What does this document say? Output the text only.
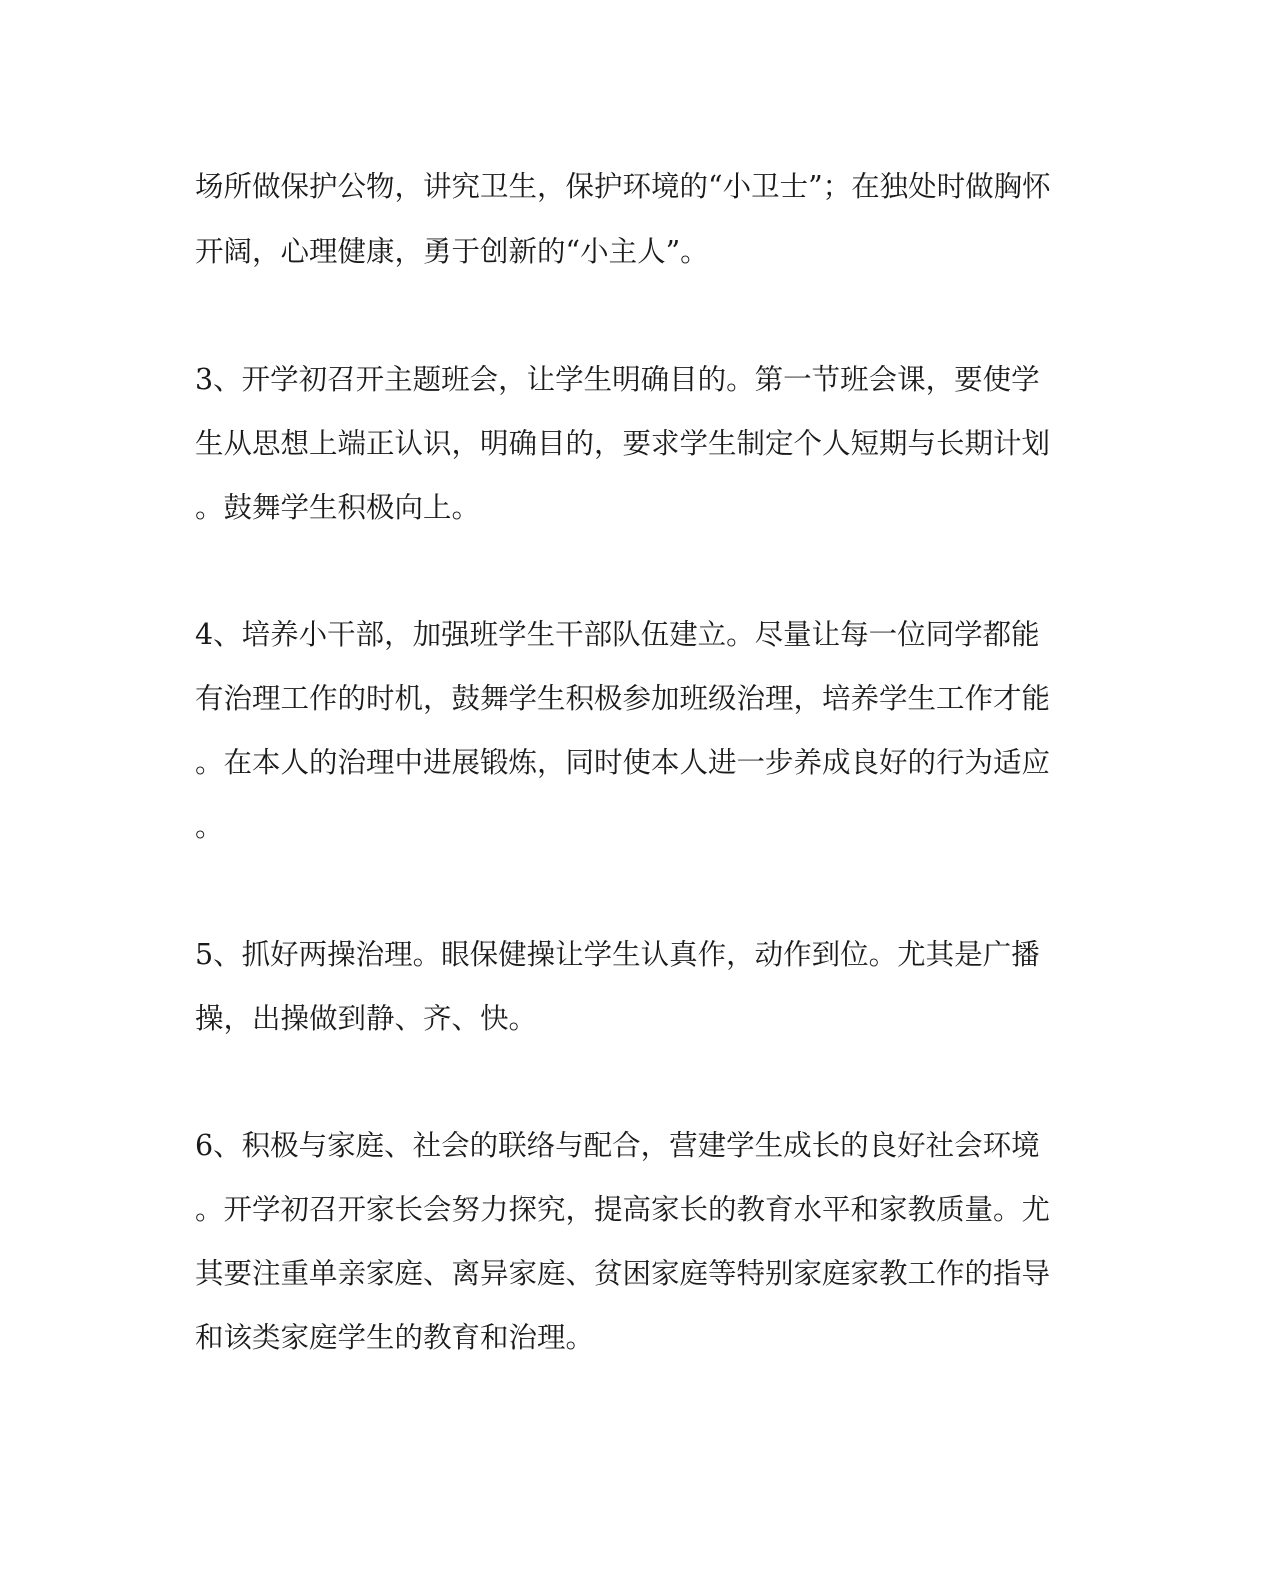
场所做保护公物，讲究卫生，保护环境的“小卫士”；在独处时做胸怀
开阔，心理健康，勇于创新的“小主人”。
3、开学初召开主题班会，让学生明确目的。第一节班会课，要使学
生从思想上端正认识，明确目的，要求学生制定个人短期与长期计划
。鼓舞学生积极向上。
4、培养小干部，加强班学生干部队伍建立。尽量让每一位同学都能
有治理工作的时机，鼓舞学生积极参加班级治理，培养学生工作才能
。在本人的治理中进展锻炼，同时使本人进一步养成良好的行为适应
。
5、抓好两操治理。眼保健操让学生认真作，动作到位。尤其是广播
操，出操做到静、齐、快。
6、积极与家庭、社会的联络与配合，营建学生成长的良好社会环境
。开学初召开家长会努力探究，提高家长的教育水平和家教质量。尤
其要注重单亲家庭、离异家庭、贫困家庭等特别家庭家教工作的指导
和该类家庭学生的教育和治理。
